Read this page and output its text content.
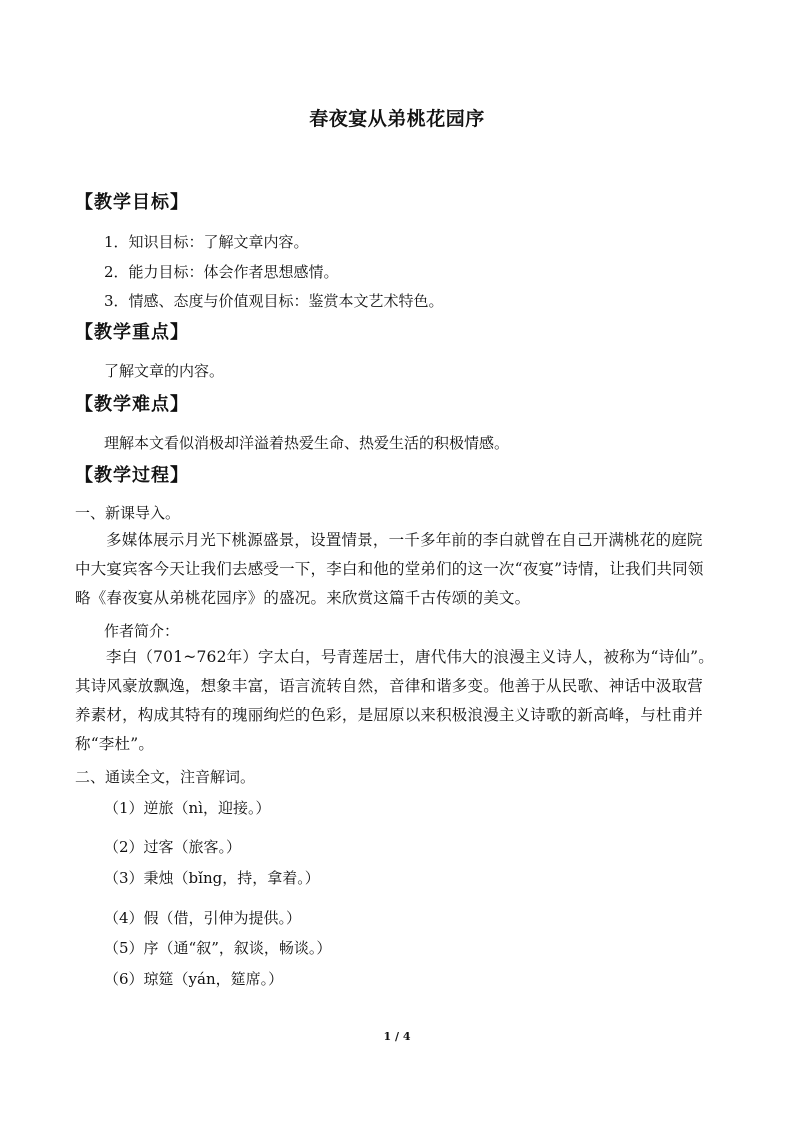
春夜宴从弟桃花园序
【教学目标】
1．知识目标：了解文章内容。
2．能力目标：体会作者思想感情。
3．情感、态度与价值观目标：鉴赏本文艺术特色。
【教学重点】
了解文章的内容。
【教学难点】
理解本文看似消极却洋溢着热爱生命、热爱生活的积极情感。
【教学过程】
一、新课导入。
多媒体展示月光下桃源盛景，设置情景，一千多年前的李白就曾在自己开满桃花的庭院中大宴宾客今天让我们去感受一下，李白和他的堂弟们的这一次“夜宴”诗情，让我们共同领略《春夜宴从弟桃花园序》的盛况。来欣赏这篇千古传颂的美文。
作者简介：
李白（701~762年）字太白，号青莲居士，唐代伟大的浪漫主义诗人，被称为“诗仙”。其诗风豪放飘逸，想象丰富，语言流转自然，音律和谐多变。他善于从民歌、神话中汲取营养素材，构成其特有的瑰丽绚烂的色彩，是屈原以来积极浪漫主义诗歌的新高峰，与杜甫并称“李杜”。
二、通读全文，注音解词。
（1）逆旅（nì，迎接。）
（2）过客（旅客。）
（3）秉烛（bǐng，持，拿着。）
（4）假（借，引伸为提供。）
（5）序（通“叙”，叙谈，畅谈。）
（6）琼筵（yán，筵席。）
1 / 4
